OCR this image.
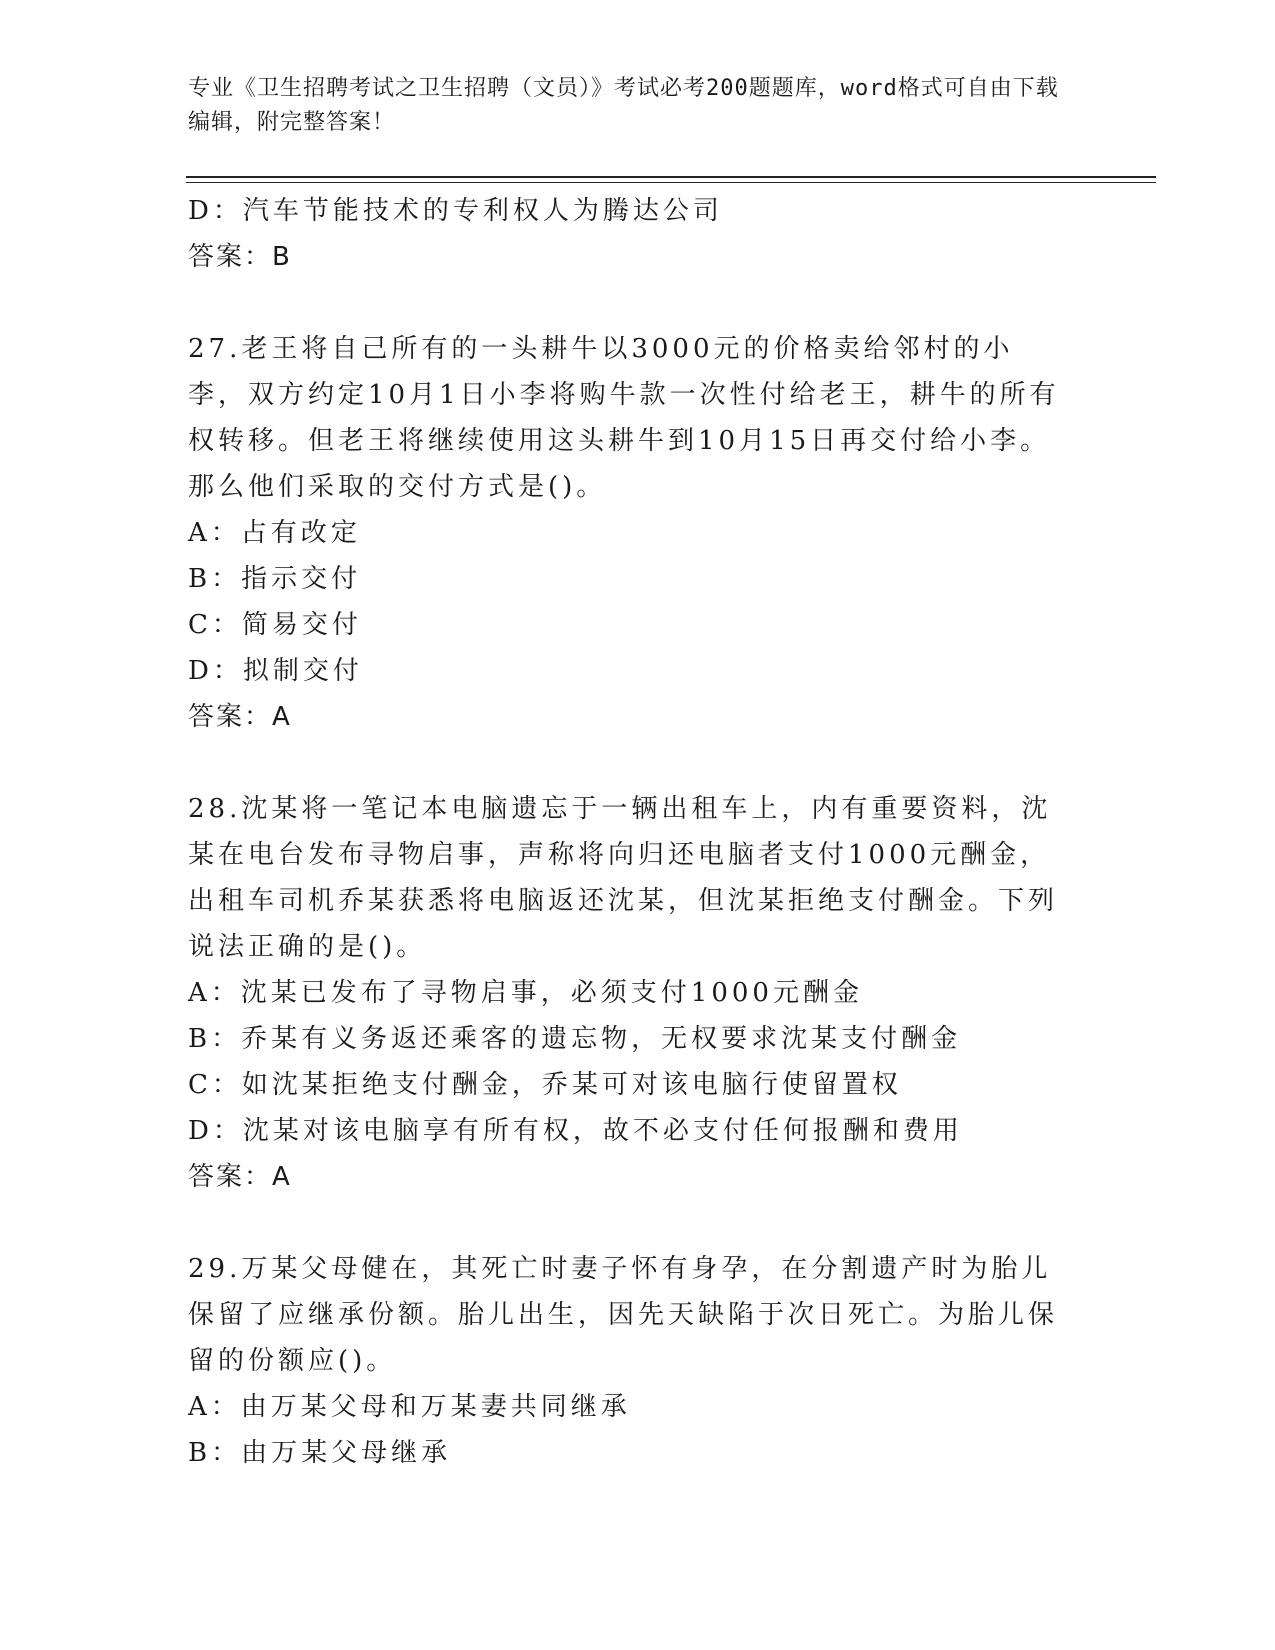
专业《卫生招聘考试之卫生招聘（文员）》考试必考200题题库，word格式可自由下载编辑，附完整答案！
D：汽车节能技术的专利权人为腾达公司
答案：B
27.老王将自己所有的一头耕牛以3000元的价格卖给邻村的小李，双方约定10月1日小李将购牛款一次性付给老王，耕牛的所有权转移。但老王将继续使用这头耕牛到10月15日再交付给小李。那么他们采取的交付方式是()。
A：占有改定
B：指示交付
C：简易交付
D：拟制交付
答案：A
28.沈某将一笔记本电脑遗忘于一辆出租车上，内有重要资料，沈某在电台发布寻物启事，声称将向归还电脑者支付1000元酬金，出租车司机乔某获悉将电脑返还沈某，但沈某拒绝支付酬金。下列说法正确的是()。
A：沈某已发布了寻物启事，必须支付1000元酬金
B：乔某有义务返还乘客的遗忘物，无权要求沈某支付酬金
C：如沈某拒绝支付酬金，乔某可对该电脑行使留置权
D：沈某对该电脑享有所有权，故不必支付任何报酬和费用
答案：A
29.万某父母健在，其死亡时妻子怀有身孕，在分割遗产时为胎儿保留了应继承份额。胎儿出生，因先天缺陷于次日死亡。为胎儿保留的份额应()。
A：由万某父母和万某妻共同继承
B：由万某父母继承
